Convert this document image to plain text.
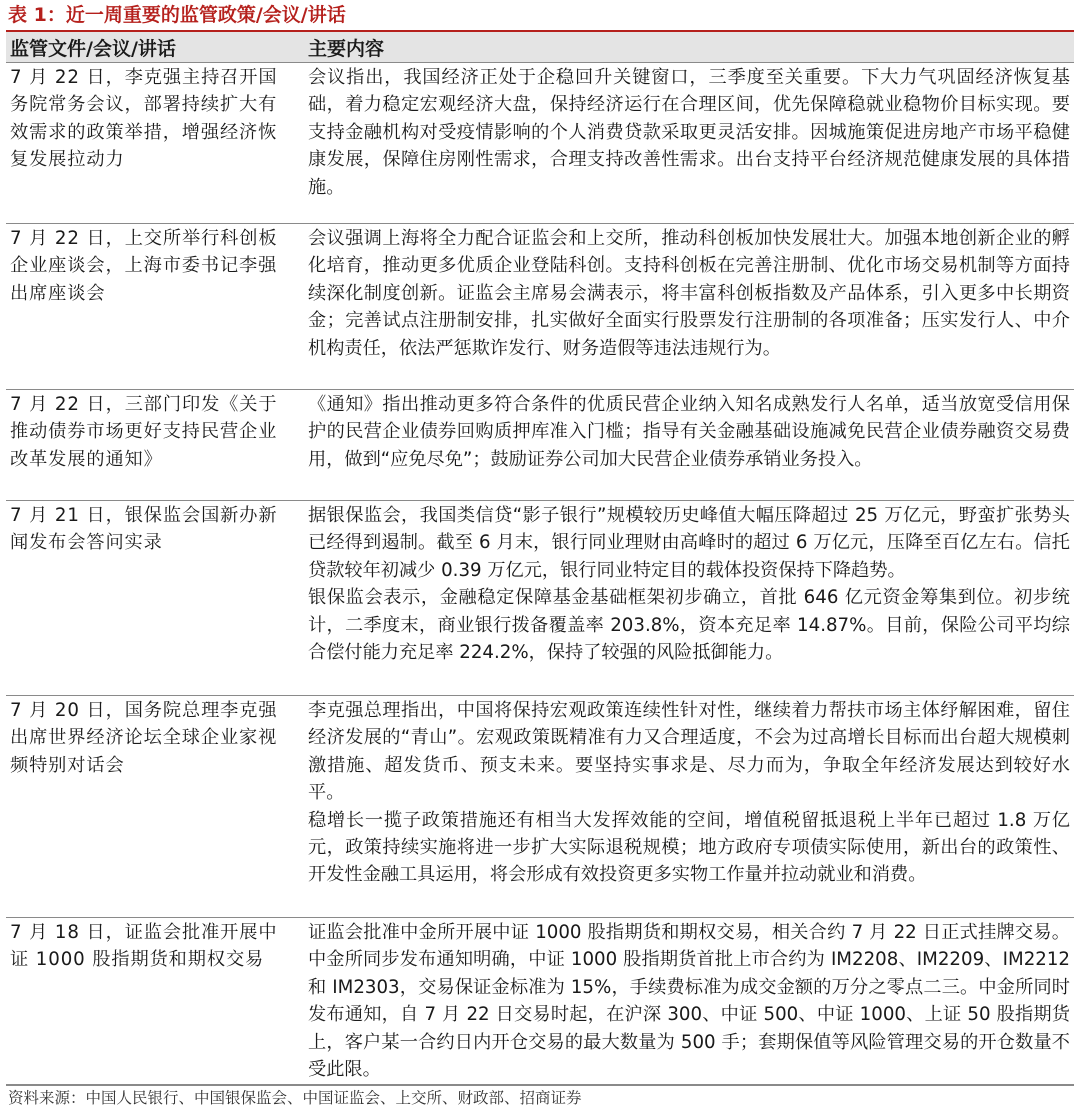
表 1：近一周重要的监管政策/会议/讲话
监管文件/会议/讲话	主要内容
7 月 22 日，李克强主持召开国务院常务会议，部署持续扩大有效需求的政策举措，增强经济恢复发展拉动力	会议指出，我国经济正处于企稳回升关键窗口，三季度至关重要。下大力气巩固经济恢复基础，着力稳定宏观经济大盘，保持经济运行在合理区间，优先保障稳就业稳物价目标实现。要支持金融机构对受疫情影响的个人消费贷款采取更灵活安排。因城施策促进房地产市场平稳健康发展，保障住房刚性需求，合理支持改善性需求。出台支持平台经济规范健康发展的具体措施。

7 月 22 日，上交所举行科创板企业座谈会，上海市委书记李强出席座谈会	会议强调上海将全力配合证监会和上交所，推动科创板加快发展壮大。加强本地创新企业的孵化培育，推动更多优质企业登陆科创。支持科创板在完善注册制、优化市场交易机制等方面持续深化制度创新。证监会主席易会满表示，将丰富科创板指数及产品体系，引入更多中长期资金；完善试点注册制安排，扎实做好全面实行股票发行注册制的各项准备；压实发行人、中介机构责任，依法严惩欺诈发行、财务造假等违法违规行为。

7 月 22 日，三部门印发《关于推动债券市场更好支持民营企业改革发展的通知》	《通知》指出推动更多符合条件的优质民营企业纳入知名成熟发行人名单，适当放宽受信用保护的民营企业债券回购质押库准入门槛；指导有关金融基础设施减免民营企业债券融资交易费用，做到“应免尽免”；鼓励证券公司加大民营企业债券承销业务投入。

7 月 21 日，银保监会国新办新闻发布会答问实录	据银保监会，我国类信贷“影子银行”规模较历史峰值大幅压降超过 25 万亿元，野蛮扩张势头已经得到遏制。截至 6 月末，银行同业理财由高峰时的超过 6 万亿元，压降至百亿左右。信托贷款较年初减少 0.39 万亿元，银行同业特定目的载体投资保持下降趋势。

银保监会表示，金融稳定保障基金基础框架初步确立，首批 646 亿元资金筹集到位。初步统计，二季度末，商业银行拨备覆盖率 203.8%，资本充足率 14.87%。目前，保险公司平均综合偿付能力充足率 224.2%，保持了较强的风险抵御能力。

7 月 20 日，国务院总理李克强出席世界经济论坛全球企业家视频特别对话会	李克强总理指出，中国将保持宏观政策连续性针对性，继续着力帮扶市场主体纾解困难，留住经济发展的“青山”。宏观政策既精准有力又合理适度，不会为过高增长目标而出台超大规模刺激措施、超发货币、预支未来。要坚持实事求是、尽力而为，争取全年经济发展达到较好水平。

稳增长一揽子政策措施还有相当大发挥效能的空间，增值税留抵退税上半年已超过 1.8 万亿元，政策持续实施将进一步扩大实际退税规模；地方政府专项债实际使用，新出台的政策性、开发性金融工具运用，将会形成有效投资更多实物工作量并拉动就业和消费。

7 月 18 日，证监会批准开展中证 1000 股指期货和期权交易	证监会批准中金所开展中证 1000 股指期货和期权交易，相关合约 7 月 22 日正式挂牌交易。中金所同步发布通知明确，中证 1000 股指期货首批上市合约为 IM2208、IM2209、IM2212 和 IM2303，交易保证金标准为 15%，手续费标准为成交金额的万分之零点二三。中金所同时发布通知，自 7 月 22 日交易时起，在沪深 300、中证 500、中证 1000、上证 50 股指期货上，客户某一合约日内开仓交易的最大数量为 500 手；套期保值等风险管理交易的开仓数量不受此限。

资料来源：中国人民银行、中国银保监会、中国证监会、上交所、财政部、招商证券
